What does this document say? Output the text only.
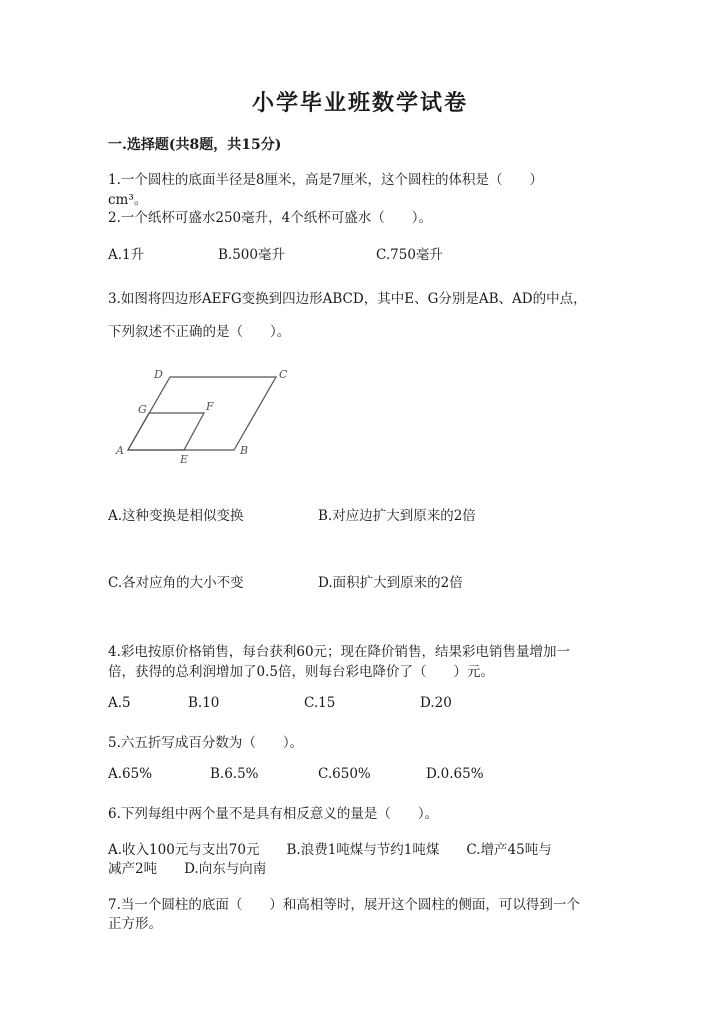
小学毕业班数学试卷
一.选择题(共8题，共15分)
1.一个圆柱的底面半径是8厘米，高是7厘米，这个圆柱的体积是（　　）
cm³。
2.一个纸杯可盛水250毫升，4个纸杯可盛水（　　）。
A.1升	B.500毫升	C.750毫升
3.如图将四边形AEFG变换到四边形ABCD，其中E、G分别是AB、AD的中点，
下列叙述不正确的是（　　）。
D	C
G	F
A
E
B
A.这种变换是相似变换	B.对应边扩大到原来的2倍
C.各对应角的大小不变	D.面积扩大到原来的2倍
4.彩电按原价格销售，每台获利60元；现在降价销售，结果彩电销售量增加一
倍，获得的总利润增加了0.5倍，则每台彩电降价了（　　）元。
A.5	B.10	C.15	D.20
5.六五折写成百分数为（　　）。
A.65%	B.6.5%	C.650%	D.0.65%
6.下列每组中两个量不是具有相反意义的量是（　　）。
A.收入100元与支出70元　　B.浪费1吨煤与节约1吨煤　　C.增产45吨与
减产2吨　　D.向东与向南
7.当一个圆柱的底面（　　）和高相等时，展开这个圆柱的侧面，可以得到一个
正方形。
